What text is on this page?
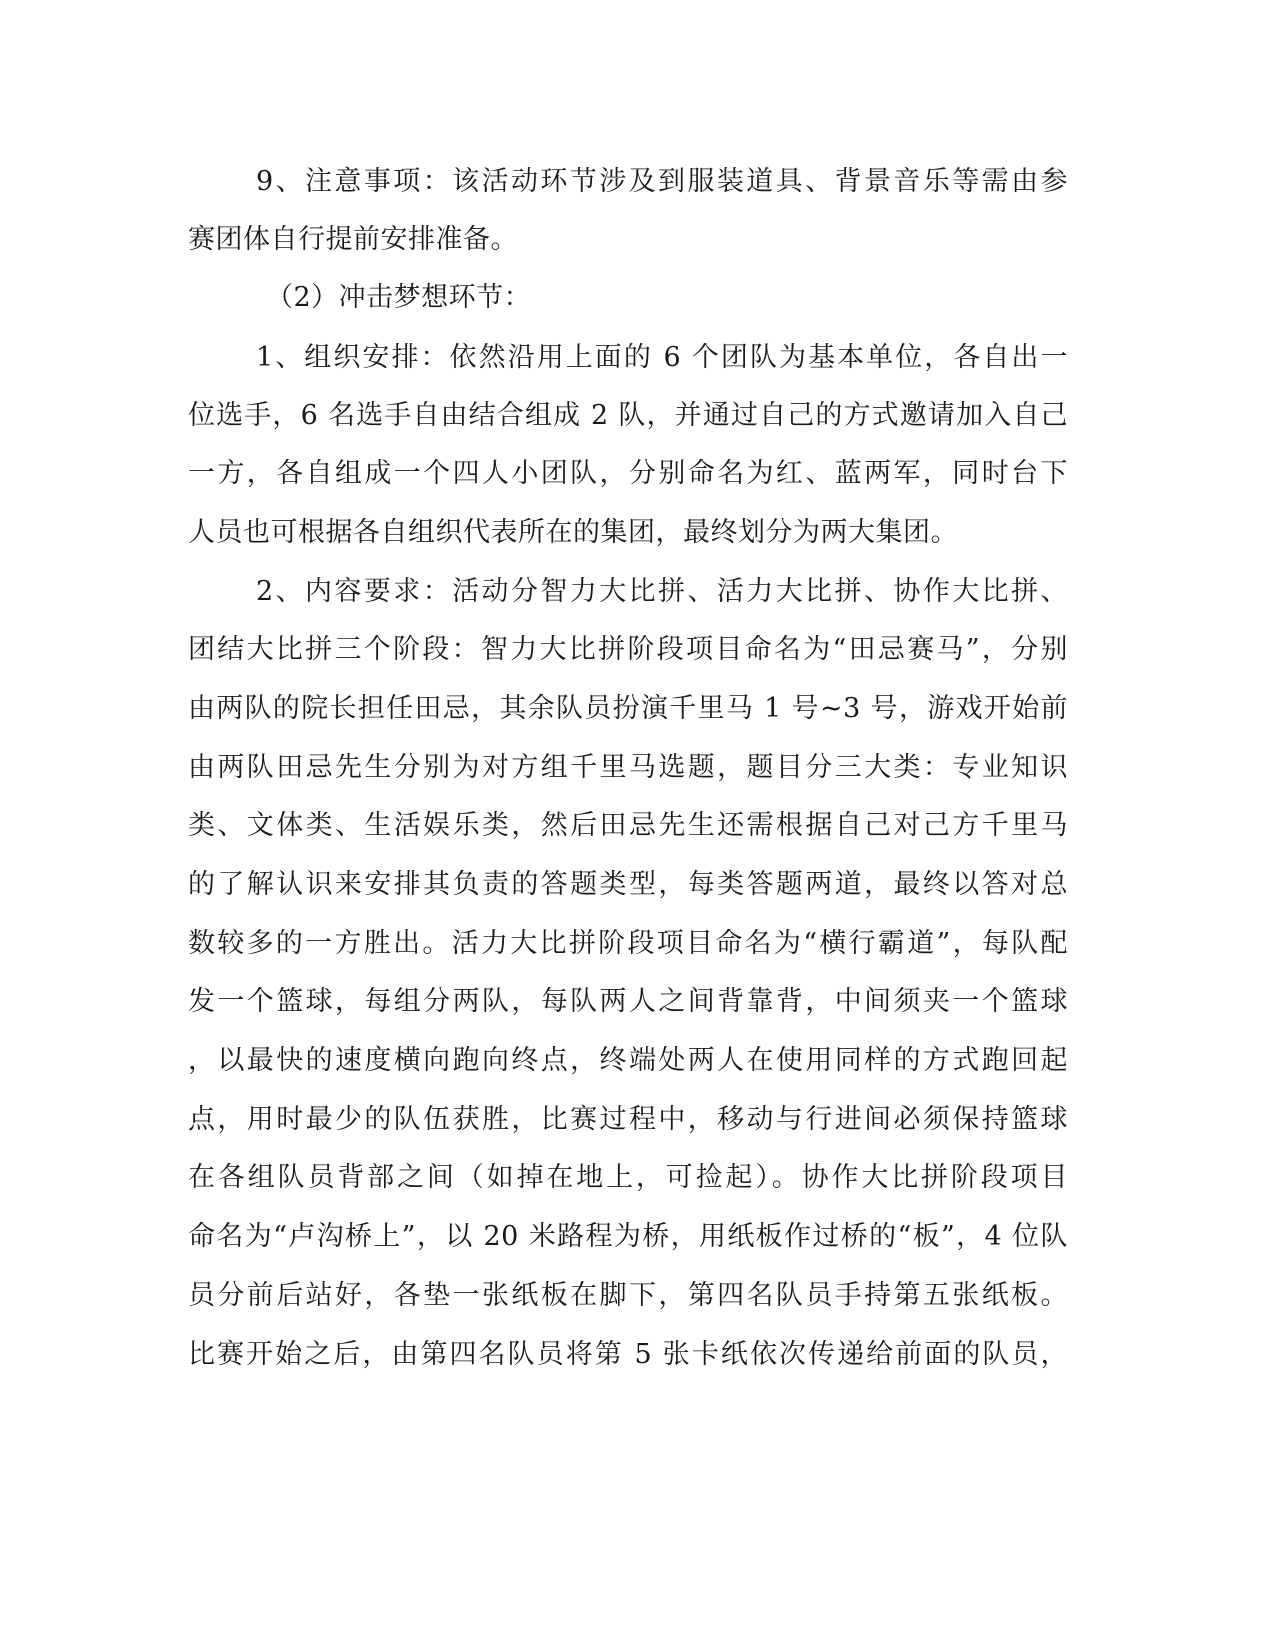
9、注意事项：该活动环节涉及到服装道具、背景音乐等需由参
赛团体自行提前安排准备。
（2）冲击梦想环节：
1、组织安排：依然沿用上面的 6 个团队为基本单位，各自出一
位选手，6 名选手自由结合组成 2 队，并通过自己的方式邀请加入自己
一方，各自组成一个四人小团队，分别命名为红、蓝两军，同时台下
人员也可根据各自组织代表所在的集团，最终划分为两大集团。
2、内容要求：活动分智力大比拼、活力大比拼、协作大比拼、
团结大比拼三个阶段：智力大比拼阶段项目命名为“田忌赛马”，分别
由两队的院长担任田忌，其余队员扮演千里马 1 号~3 号，游戏开始前
由两队田忌先生分别为对方组千里马选题，题目分三大类：专业知识
类、文体类、生活娱乐类，然后田忌先生还需根据自己对己方千里马
的了解认识来安排其负责的答题类型，每类答题两道，最终以答对总
数较多的一方胜出。活力大比拼阶段项目命名为“横行霸道”，每队配
发一个篮球，每组分两队，每队两人之间背靠背，中间须夹一个篮球
，以最快的速度横向跑向终点，终端处两人在使用同样的方式跑回起
点，用时最少的队伍获胜，比赛过程中，移动与行进间必须保持篮球
在各组队员背部之间（如掉在地上，可捡起）。协作大比拼阶段项目
命名为“卢沟桥上”，以 20 米路程为桥，用纸板作过桥的“板”，4 位队
员分前后站好，各垫一张纸板在脚下，第四名队员手持第五张纸板。
比赛开始之后，由第四名队员将第 5 张卡纸依次传递给前面的队员，
